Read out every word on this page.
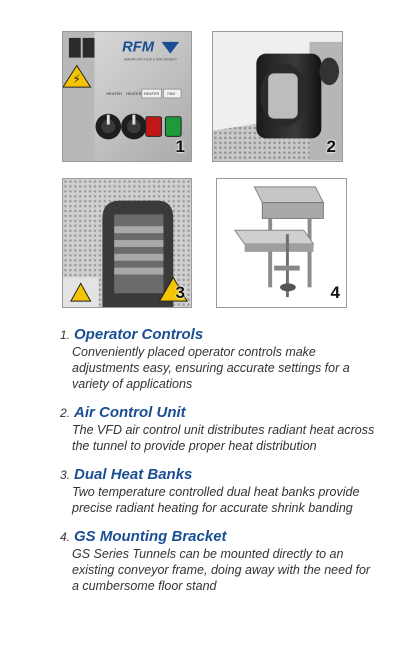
⚡
RFM
AMERICAN FILM & MACHINERY
HEATER HEATER HEATER FAN
1	2
3	4
1. Operator Controls
Conveniently placed operator controls make adjustments easy, ensuring accurate settings for a variety of applications
2. Air Control Unit
The VFD air control unit distributes radiant heat across the tunnel to provide proper heat distribution
3. Dual Heat Banks
Two temperature controlled dual heat banks provide precise radiant heating for accurate shrink banding
4. GS Mounting Bracket
GS Series Tunnels can be mounted directly to an existing conveyor frame, doing away with the need for a cumbersome floor stand
